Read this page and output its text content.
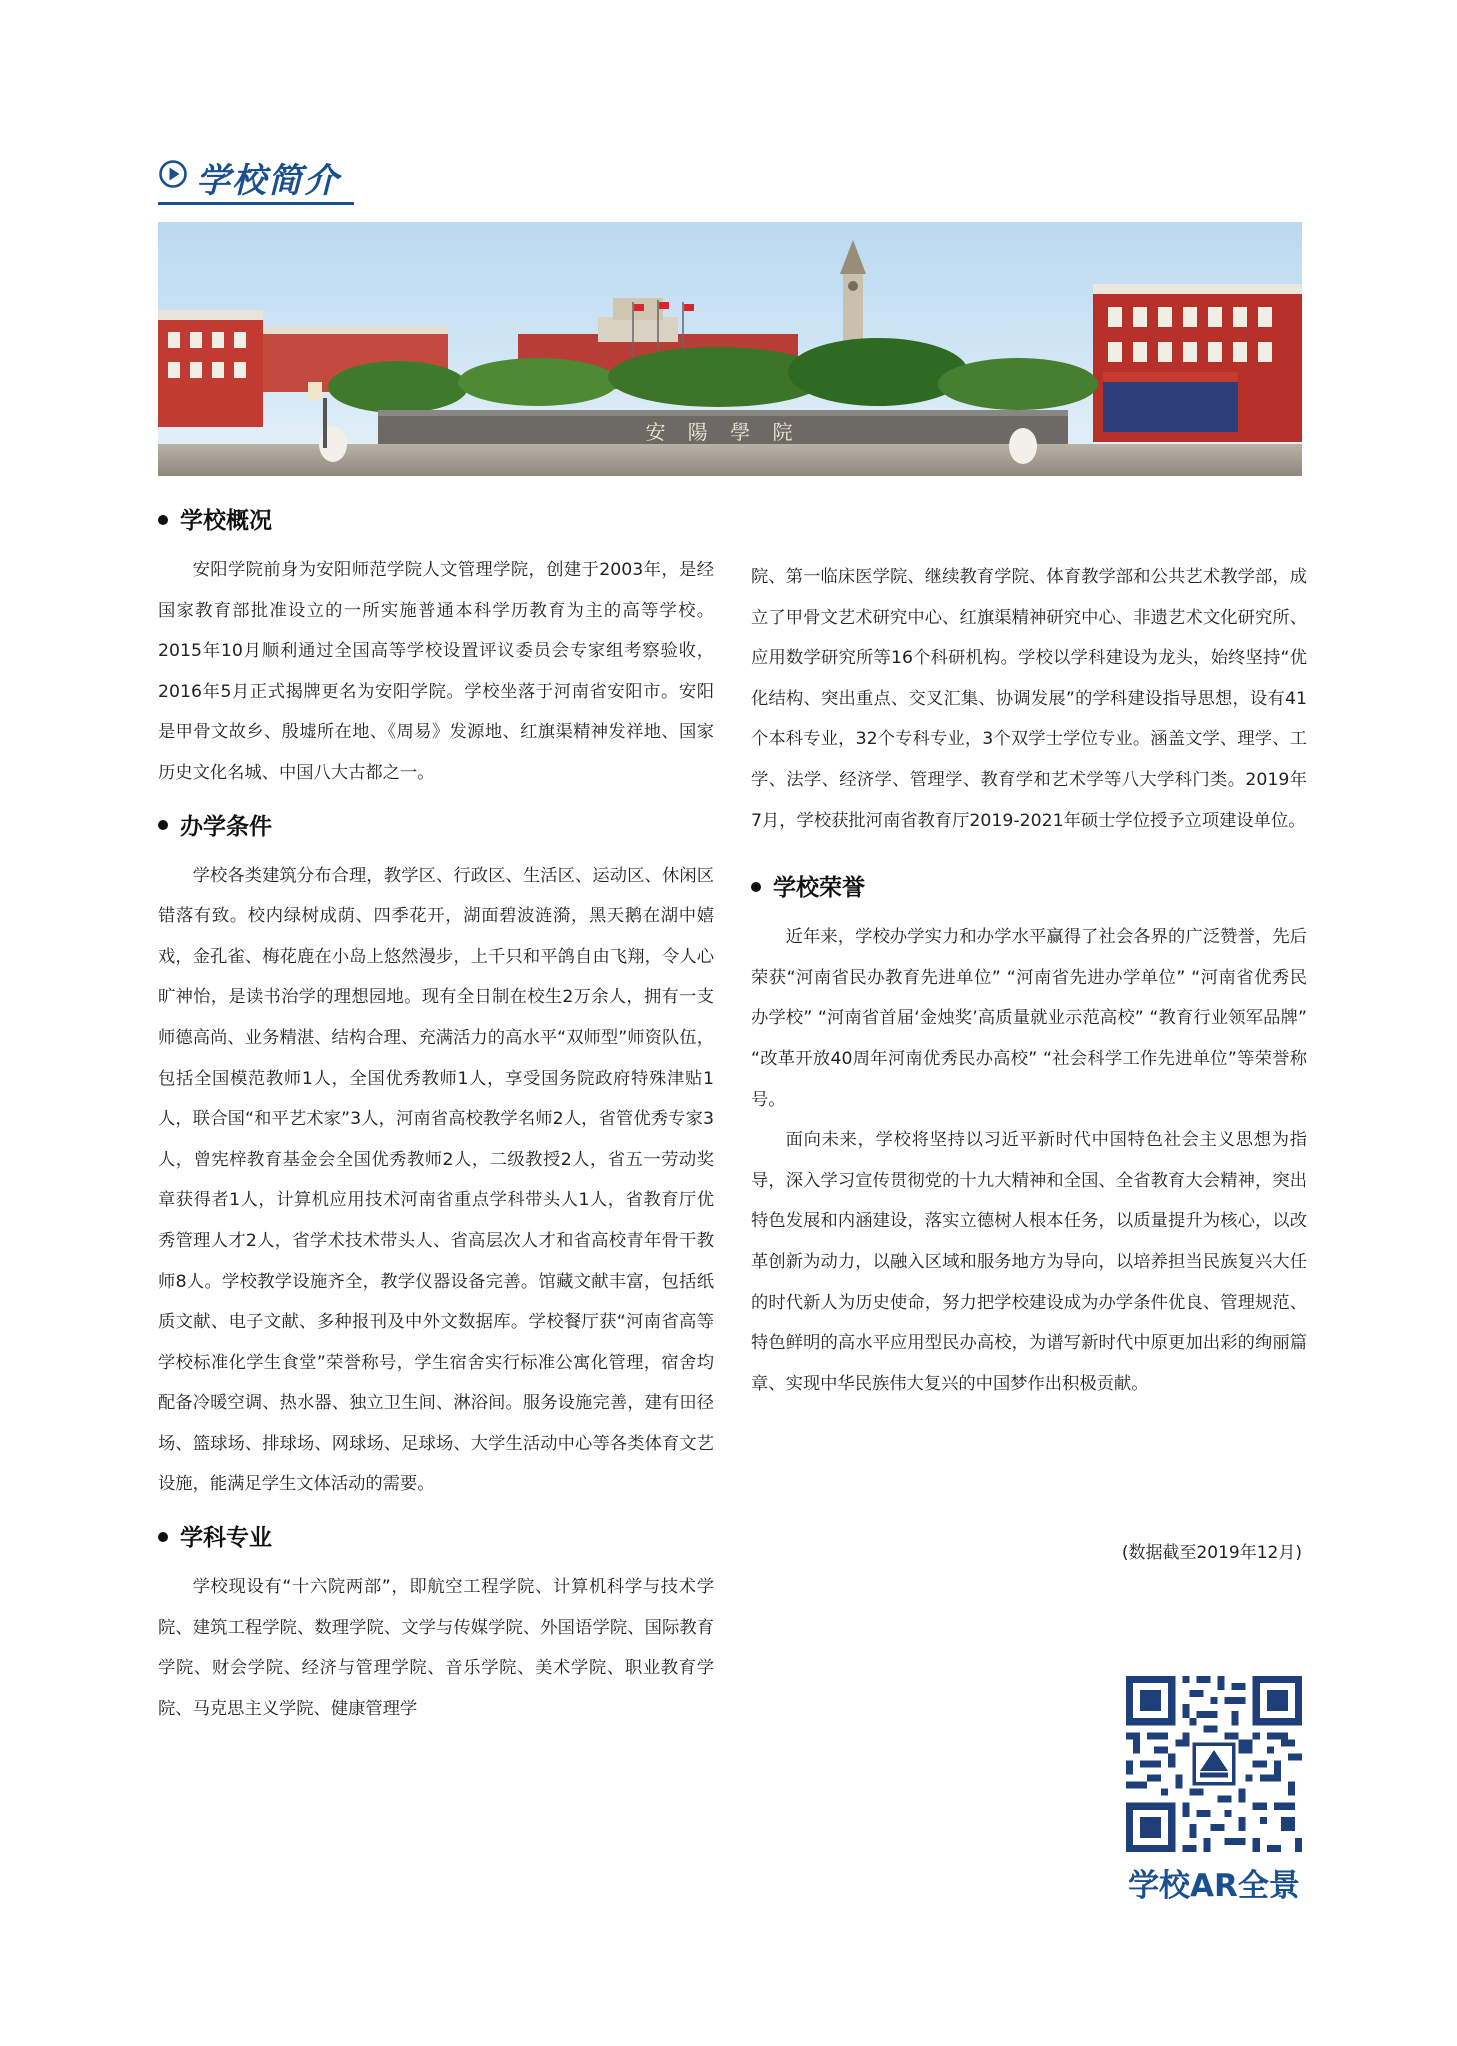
学校简介
安 陽 學 院
学校概况

安阳学院前身为安阳师范学院人文管理学院，创建于2003年，是经国家教育部批准设立的一所实施普通本科学历教育为主的高等学校。2015年10月顺利通过全国高等学校设置评议委员会专家组考察验收，2016年5月正式揭牌更名为安阳学院。学校坐落于河南省安阳市。安阳是甲骨文故乡、殷墟所在地、《周易》发源地、红旗渠精神发祥地、国家历史文化名城、中国八大古都之一。

办学条件

学校各类建筑分布合理，教学区、行政区、生活区、运动区、休闲区错落有致。校内绿树成荫、四季花开，湖面碧波涟漪，黑天鹅在湖中嬉戏，金孔雀、梅花鹿在小岛上悠然漫步，上千只和平鸽自由飞翔，令人心旷神怡，是读书治学的理想园地。现有全日制在校生2万余人，拥有一支师德高尚、业务精湛、结构合理、充满活力的高水平“双师型”师资队伍，包括全国模范教师1人，全国优秀教师1人，享受国务院政府特殊津贴1人，联合国“和平艺术家”3人，河南省高校教学名师2人，省管优秀专家3人，曾宪梓教育基金会全国优秀教师2人，二级教授2人，省五一劳动奖章获得者1人，计算机应用技术河南省重点学科带头人1人，省教育厅优秀管理人才2人，省学术技术带头人、省高层次人才和省高校青年骨干教师8人。学校教学设施齐全，教学仪器设备完善。馆藏文献丰富，包括纸质文献、电子文献、多种报刊及中外文数据库。学校餐厅获“河南省高等学校标准化学生食堂”荣誉称号，学生宿舍实行标准公寓化管理，宿舍均配备冷暖空调、热水器、独立卫生间、淋浴间。服务设施完善，建有田径场、篮球场、排球场、网球场、足球场、大学生活动中心等各类体育文艺设施，能满足学生文体活动的需要。

学科专业

学校现设有“十六院两部”，即航空工程学院、计算机科学与技术学院、建筑工程学院、数理学院、文学与传媒学院、外国语学院、国际教育学院、财会学院、经济与管理学院、音乐学院、美术学院、职业教育学院、马克思主义学院、健康管理学

院、第一临床医学院、继续教育学院、体育教学部和公共艺术教学部，成立了甲骨文艺术研究中心、红旗渠精神研究中心、非遗艺术文化研究所、应用数学研究所等16个科研机构。学校以学科建设为龙头，始终坚持“优化结构、突出重点、交叉汇集、协调发展”的学科建设指导思想，设有41个本科专业，32个专科专业，3个双学士学位专业。涵盖文学、理学、工学、法学、经济学、管理学、教育学和艺术学等八大学科门类。2019年 7月，学校获批河南省教育厅2019-2021年硕士学位授予立项建设单位。

学校荣誉

近年来，学校办学实力和办学水平赢得了社会各界的广泛赞誉，先后荣获“河南省民办教育先进单位” “河南省先进办学单位” “河南省优秀民办学校” “河南省首届‘金烛奖’高质量就业示范高校” “教育行业领军品牌” “改革开放40周年河南优秀民办高校” “社会科学工作先进单位”等荣誉称号。

面向未来，学校将坚持以习近平新时代中国特色社会主义思想为指导，深入学习宣传贯彻党的十九大精神和全国、全省教育大会精神，突出特色发展和内涵建设，落实立德树人根本任务，以质量提升为核心，以改革创新为动力，以融入区域和服务地方为导向，以培养担当民族复兴大任的时代新人为历史使命，努力把学校建设成为办学条件优良、管理规范、特色鲜明的高水平应用型民办高校，为谱写新时代中原更加出彩的绚丽篇章、实现中华民族伟大复兴的中国梦作出积极贡献。

(数据截至2019年12月)
学校AR全景
